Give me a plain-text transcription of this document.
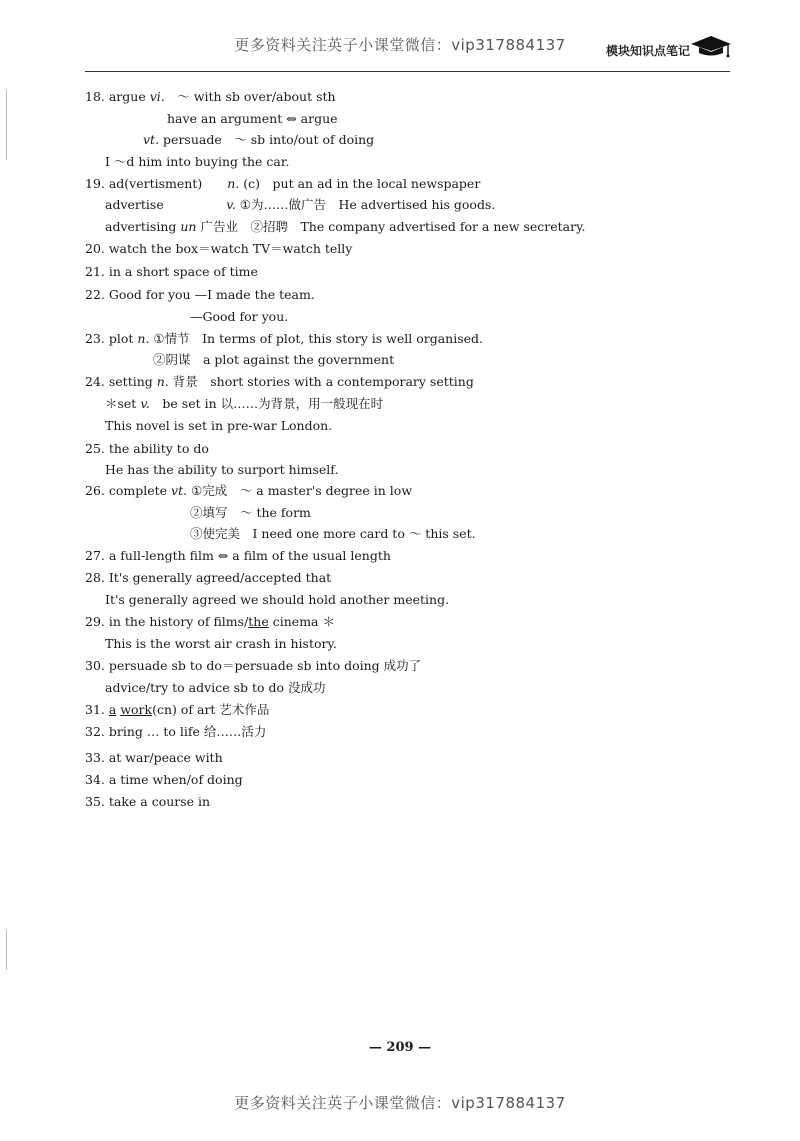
更多资料关注英子小课堂微信：vip317884137	模块知识点笔记
18. argue vi.　 ～ with sb over/about sth
have an argument ⇔ argue
vt. persuade　～ sb into/out of doing
I ～d him into buying the car.
19. ad(vertisment)　　 n. (c)　put an ad in the local newspaper
advertise　　　　　	v. ①为……做广告　He advertised his goods.
advertising un 广告业　②招聘　The company advertised for a new secretary.
20. watch the box＝watch TV＝watch telly
21. in a short space of time
22. Good for you —I made the team.
—Good for you.
23. plot n. ①情节　In terms of plot, this story is well organised.
②阴谋　a plot against the government
24. setting n. 背景　short stories with a contemporary setting
＊set v.　 be set in 以……为背景，用一般现在时
This novel is set in pre-war London.
25. the ability to do
He has the ability to surport himself.
26. complete vt. ①完成　～ a master's degree in low
②填写　～ the form
③使完美　I need one more card to ～ this set.
27. a full-length film ⇔ a film of the usual length
28. It's generally agreed/accepted that
It's generally agreed we should hold another meeting.
29. in the history of films/the cinema ＊
This is the worst air crash in history.
30. persuade sb to do＝persuade sb into doing 成功了
advice/try to advice sb to do 没成功
31. a work(cn) of art 艺术作品
32. bring … to life 给……活力
33. at war/peace with
34. a time when/of doing
35. take a course in
— 209 —
更多资料关注英子小课堂微信：vip317884137
